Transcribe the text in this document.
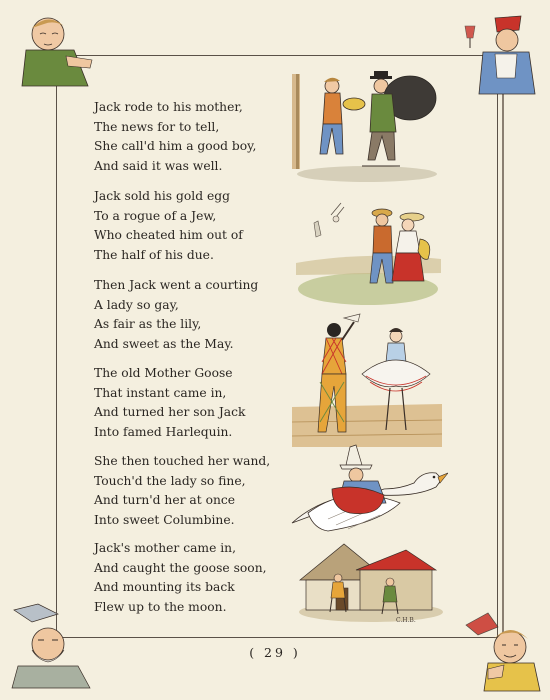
Jack rode to his mother,
The news for to tell,
She call'd him a good boy,
And said it was well.
Jack sold his gold egg
To a rogue of a Jew,
Who cheated him out of
The half of his due.
Then Jack went a courting
A lady so gay,
As fair as the lily,
And sweet as the May.
The old Mother Goose
That instant came in,
And turned her son Jack
Into famed Harlequin.
She then touched her wand,
Touch'd the lady so fine,
And turn'd her at once
Into sweet Columbine.
Jack's mother came in,
And caught the goose soon,
And mounting its back
Flew up to the moon.
C.H.B.
( 29 )
